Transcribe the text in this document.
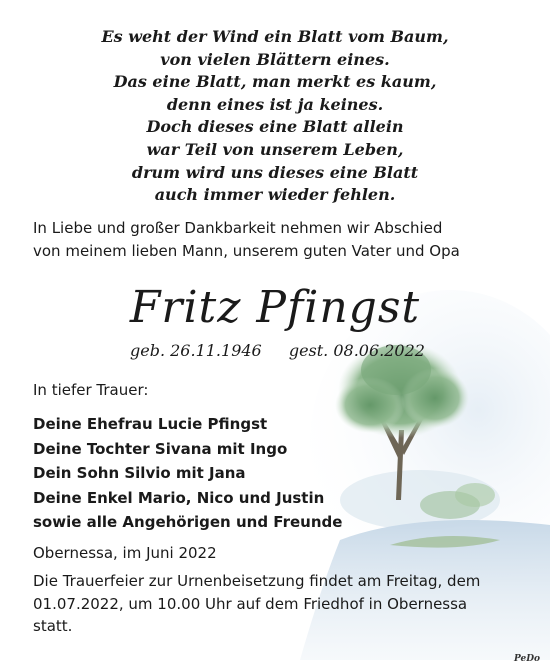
Es weht der Wind ein Blatt vom Baum,
von vielen Blättern eines.
Das eine Blatt, man merkt es kaum,
denn eines ist ja keines.
Doch dieses eine Blatt allein
war Teil von unserem Leben,
drum wird uns dieses eine Blatt
auch immer wieder fehlen.
In Liebe und großer Dankbarkeit nehmen wir Abschied
von meinem lieben Mann, unserem guten Vater und Opa
Fritz Pfingst
geb. 26.11.1946 gest. 08.06.2022
In tiefer Trauer:
Deine Ehefrau Lucie Pfingst
Deine Tochter Sivana mit Ingo
Dein Sohn Silvio mit Jana
Deine Enkel Mario, Nico und Justin
sowie alle Angehörigen und Freunde
Obernessa, im Juni 2022
Die Trauerfeier zur Urnenbeisetzung findet am Freitag, dem
01.07.2022, um 10.00 Uhr auf dem Friedhof in Obernessa
statt.
PeDo
